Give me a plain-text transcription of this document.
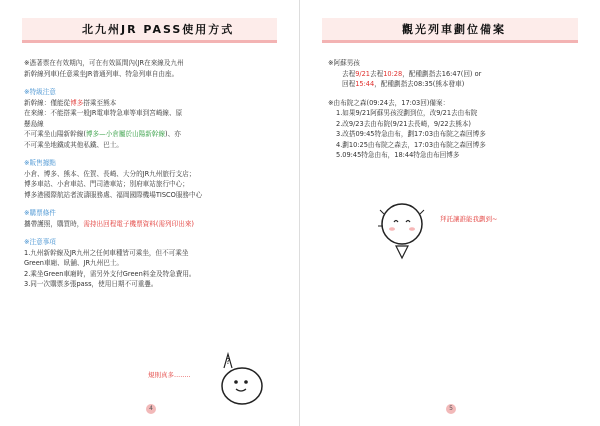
北九州JR PASS使用方式
※憑著票在有效期內，可在有效區間內(JR在來線及九州
新幹線列車)任意乘坐JR普通列車、特急列車自由座。
※特級注意
新幹線：僅能從博多搭乘至熊本
在來線：不能搭乘一般JR電車特急車等車到宮崎線、原
懸島線
不可乘坐山陽新幹線(博多—小倉屬於山陽新幹線)、亦
不可乘坐地鐵或其他私鐵、巴士。
※販售據點
小倉、博多、熊本、佐賀、長崎、大分的JR九州旅行支店；
博多車站、小倉車站、門司港車站；別府車站旅行中心；
博多港國際航站者波濤服務處、福岡國際機場TISCO服務中心
※購票條件
攜帶護照，購買時，需持出回程電子機票資料(需列印出來)
※注意事項
1.九州新幹線及JR九州之任何車種皆可乘坐，但不可乘坐
Green車廂、臥舖、JR九州巴士。
2.乘坐Green車廂時，需另外支付Green料金及特急費用。
3.同一次購票多張pass，使用日期不可重疊。
規則真多........
?
4
觀光列車劃位備案
※阿蘇男孩
去程9/21去程10:28，配種劃指去16:47(回) or
回程15:44，配種劃指去08:35(熊本發車)
※由布院之森(09:24去，17:03回)備案：
1.如果9/21阿蘇男孩沒劃到位，改9/21去由布院
2.改9/23去由布院(9/21去長崎，9/22去熊本)
3.改搭09:45特急由布，劃17:03由布院之森回博多
4.劃10:25由布院之森去，17:03由布院之森回博多
5.09:45特急由布，18:44特急由布回博多
拜託讓誰能我劃到~
5
